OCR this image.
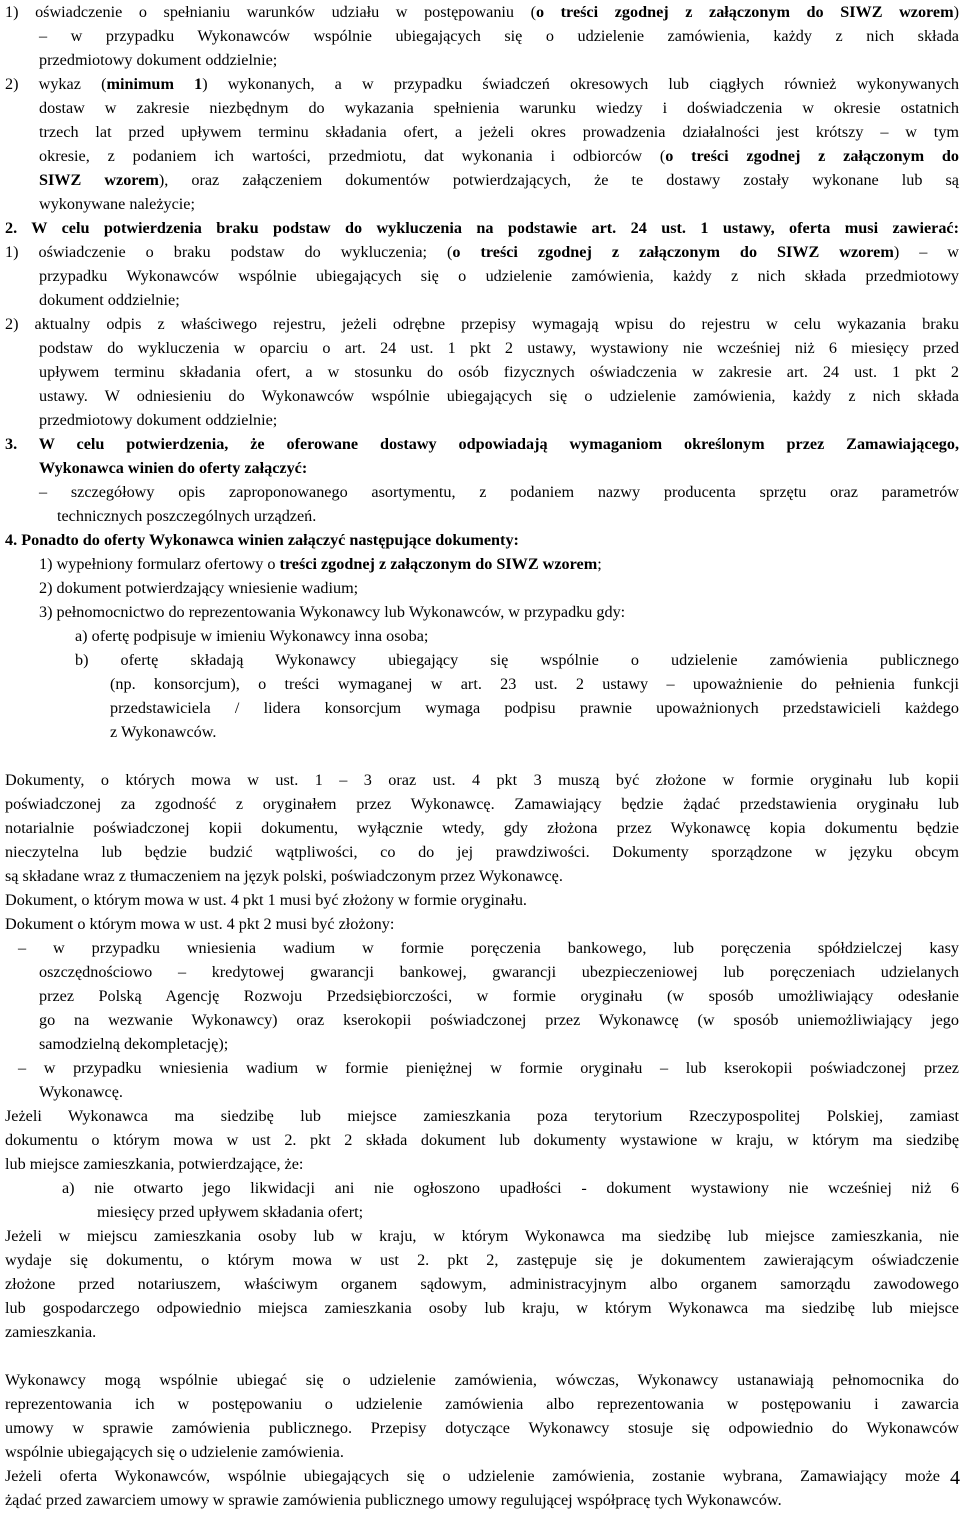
1) oświadczenie o spełnianiu warunków udziału w postępowaniu (o treści zgodnej z załączonym do SIWZ wzorem)
– w przypadku Wykonawców wspólnie ubiegających się o udzielenie zamówienia, każdy z nich składa
przedmiotowy dokument oddzielnie;
2) wykaz (minimum 1) wykonanych, a w przypadku świadczeń okresowych lub ciągłych również wykonywanych
dostaw w zakresie niezbędnym do wykazania spełnienia warunku wiedzy i doświadczenia w okresie ostatnich
trzech lat przed upływem terminu składania ofert, a jeżeli okres prowadzenia działalności jest krótszy – w tym
okresie, z podaniem ich wartości, przedmiotu, dat wykonania i odbiorców (o treści zgodnej z załączonym do
SIWZ wzorem), oraz załączeniem dokumentów potwierdzających, że te dostawy zostały wykonane lub są
wykonywane należycie;
2. W celu potwierdzenia braku podstaw do wykluczenia na podstawie art. 24 ust. 1 ustawy, oferta musi zawierać:
1) oświadczenie o braku podstaw do wykluczenia; (o treści zgodnej z załączonym do SIWZ wzorem) – w
przypadku Wykonawców wspólnie ubiegających się o udzielenie zamówienia, każdy z nich składa przedmiotowy
dokument oddzielnie;
2) aktualny odpis z właściwego rejestru, jeżeli odrębne przepisy wymagają wpisu do rejestru w celu wykazania braku
podstaw do wykluczenia w oparciu o art. 24 ust. 1 pkt 2 ustawy, wystawiony nie wcześniej niż 6 miesięcy przed
upływem terminu składania ofert, a w stosunku do osób fizycznych oświadczenia w zakresie art. 24 ust. 1 pkt 2
ustawy. W odniesieniu do Wykonawców wspólnie ubiegających się o udzielenie zamówienia, każdy z nich składa
przedmiotowy dokument oddzielnie;
3. W celu potwierdzenia, że oferowane dostawy odpowiadają wymaganiom określonym przez Zamawiającego,
Wykonawca winien do oferty załączyć:
– szczegółowy opis zaproponowanego asortymentu, z podaniem nazwy producenta sprzętu oraz parametrów
technicznych poszczególnych urządzeń.
4. Ponadto do oferty Wykonawca winien załączyć następujące dokumenty:
1) wypełniony formularz ofertowy o treści zgodnej z załączonym do SIWZ wzorem;
2) dokument potwierdzający wniesienie wadium;
3) pełnomocnictwo do reprezentowania Wykonawcy lub Wykonawców, w przypadku gdy:
a) ofertę podpisuje w imieniu Wykonawcy inna osoba;
b) ofertę składają Wykonawcy ubiegający się wspólnie o udzielenie zamówienia publicznego
(np. konsorcjum), o treści wymaganej w art. 23 ust. 2 ustawy – upoważnienie do pełnienia funkcji
przedstawiciela / lidera konsorcjum wymaga podpisu prawnie upoważnionych przedstawicieli każdego
z Wykonawców.
Dokumenty, o których mowa w ust. 1 – 3 oraz ust. 4 pkt 3 muszą być złożone w formie oryginału lub kopii
poświadczonej za zgodność z oryginałem przez Wykonawcę. Zamawiający będzie żądać przedstawienia oryginału lub
notarialnie poświadczonej kopii dokumentu, wyłącznie wtedy, gdy złożona przez Wykonawcę kopia dokumentu będzie
nieczytelna lub będzie budzić wątpliwości, co do jej prawdziwości. Dokumenty sporządzone w języku obcym
są składane wraz z tłumaczeniem na język polski, poświadczonym przez Wykonawcę.
Dokument, o którym mowa w ust. 4 pkt 1 musi być złożony w formie oryginału.
Dokument o którym mowa w ust. 4 pkt 2 musi być złożony:
– w przypadku wniesienia wadium w formie poręczenia bankowego, lub poręczenia spółdzielczej kasy
oszczędnościowo – kredytowej gwarancji bankowej, gwarancji ubezpieczeniowej lub poręczeniach udzielanych
przez Polską Agencję Rozwoju Przedsiębiorczości, w formie oryginału (w sposób umożliwiający odesłanie
go na wezwanie Wykonawcy) oraz kserokopii poświadczonej przez Wykonawcę (w sposób uniemożliwiający jego
samodzielną dekompletację);
– w przypadku wniesienia wadium w formie pieniężnej w formie oryginału – lub kserokopii poświadczonej przez
Wykonawcę.
Jeżeli Wykonawca ma siedzibę lub miejsce zamieszkania poza terytorium Rzeczypospolitej Polskiej, zamiast
dokumentu o którym mowa w ust 2. pkt 2 składa dokument lub dokumenty wystawione w kraju, w którym ma siedzibę
lub miejsce zamieszkania, potwierdzające, że:
a) nie otwarto jego likwidacji ani nie ogłoszono upadłości - dokument wystawiony nie wcześniej niż 6
miesięcy przed upływem składania ofert;
Jeżeli w miejscu zamieszkania osoby lub w kraju, w którym Wykonawca ma siedzibę lub miejsce zamieszkania, nie
wydaje się dokumentu, o którym mowa w ust 2. pkt 2, zastępuje się je dokumentem zawierającym oświadczenie
złożone przed notariuszem, właściwym organem sądowym, administracyjnym albo organem samorządu zawodowego
lub gospodarczego odpowiednio miejsca zamieszkania osoby lub kraju, w którym Wykonawca ma siedzibę lub miejsce
zamieszkania.
Wykonawcy mogą wspólnie ubiegać się o udzielenie zamówienia, wówczas, Wykonawcy ustanawiają pełnomocnika do
reprezentowania ich w postępowaniu o udzielenie zamówienia albo reprezentowania w postępowaniu i zawarcia
umowy w sprawie zamówienia publicznego. Przepisy dotyczące Wykonawcy stosuje się odpowiednio do Wykonawców
wspólnie ubiegających się o udzielenie zamówienia.
Jeżeli oferta Wykonawców, wspólnie ubiegających się o udzielenie zamówienia, zostanie wybrana, Zamawiający może
żądać przed zawarciem umowy w sprawie zamówienia publicznego umowy regulującej współpracę tych Wykonawców.
4
